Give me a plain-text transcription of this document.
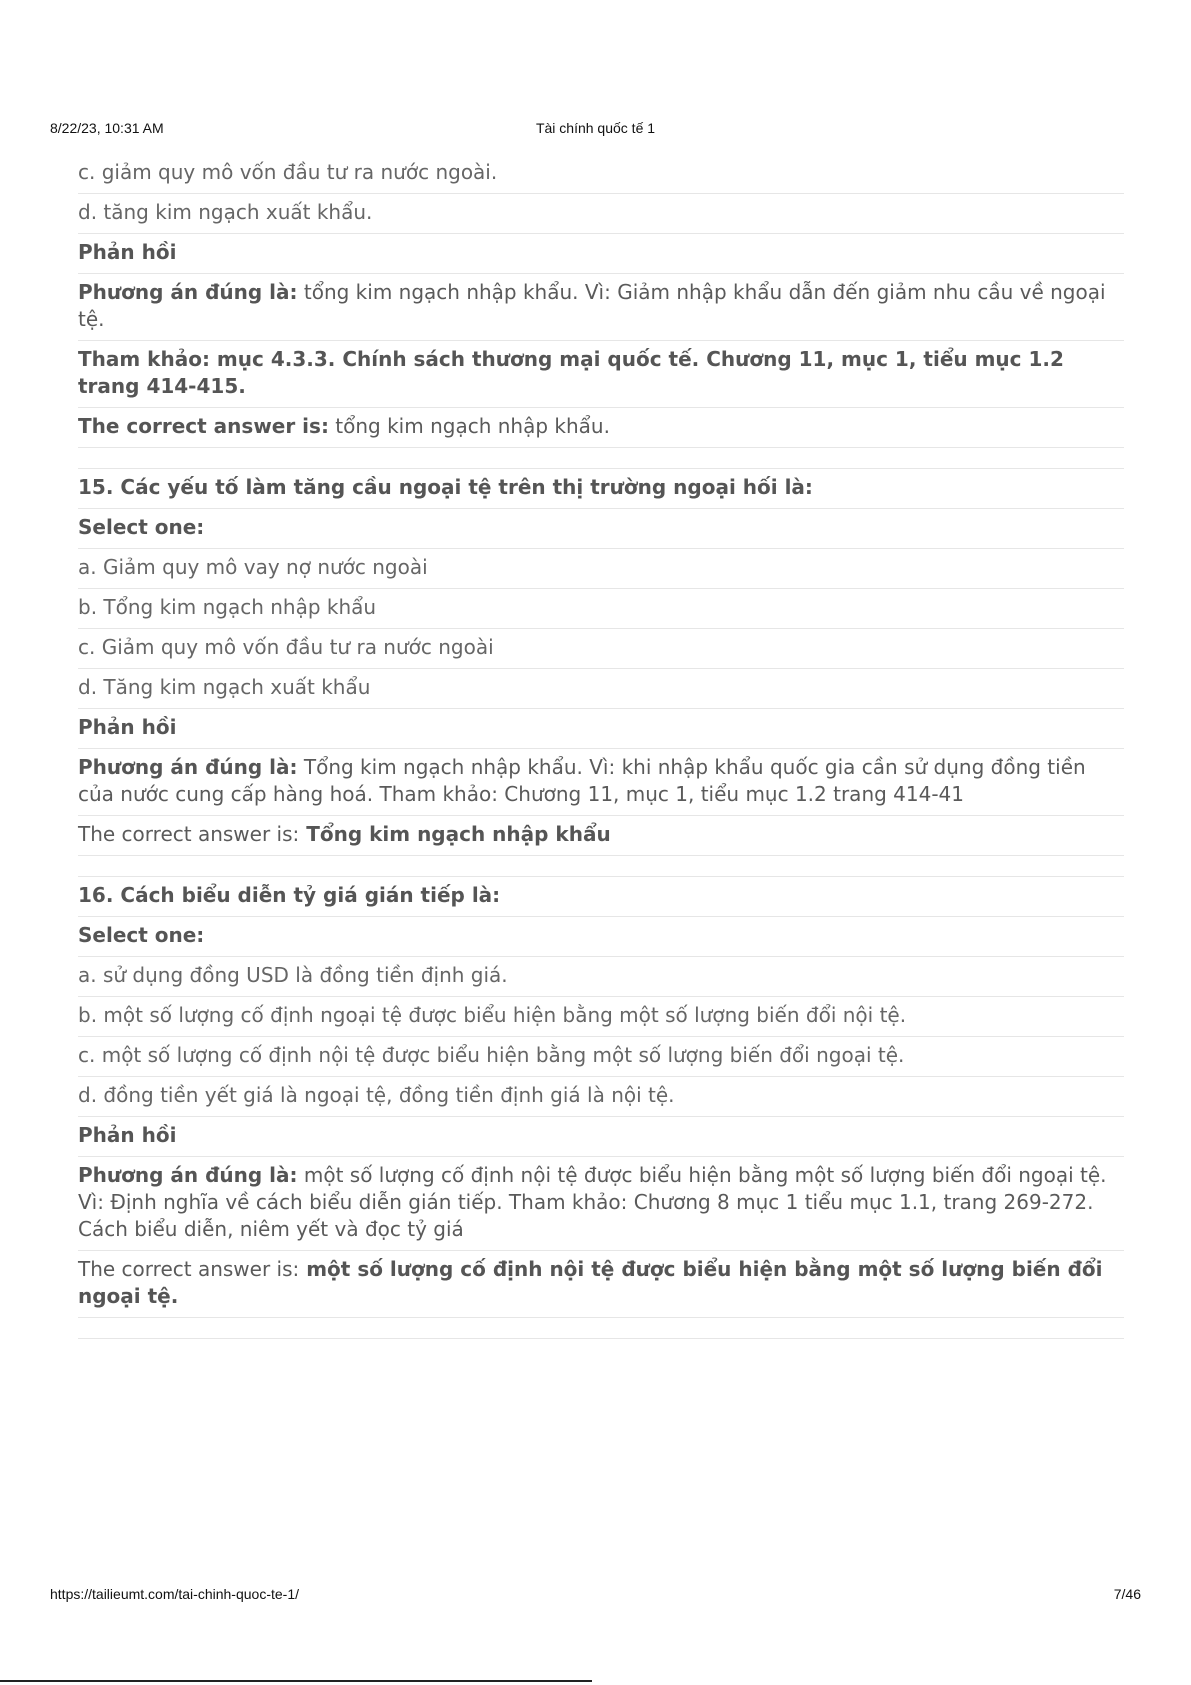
8/22/23, 10:31 AM	Tài chính quốc tế 1
c. giảm quy mô vốn đầu tư ra nước ngoài.
d. tăng kim ngạch xuất khẩu.
Phản hồi
Phương án đúng là: tổng kim ngạch nhập khẩu. Vì: Giảm nhập khẩu dẫn đến giảm nhu cầu về ngoại tệ.
Tham khảo: mục 4.3.3. Chính sách thương mại quốc tế. Chương 11, mục 1, tiểu mục 1.2 trang 414-415.
The correct answer is: tổng kim ngạch nhập khẩu.
15. Các yếu tố làm tăng cầu ngoại tệ trên thị trường ngoại hối là:
Select one:
a. Giảm quy mô vay nợ nước ngoài
b. Tổng kim ngạch nhập khẩu
c. Giảm quy mô vốn đầu tư ra nước ngoài
d. Tăng kim ngạch xuất khẩu
Phản hồi
Phương án đúng là: Tổng kim ngạch nhập khẩu. Vì: khi nhập khẩu quốc gia cần sử dụng đồng tiền của nước cung cấp hàng hoá. Tham khảo: Chương 11, mục 1, tiểu mục 1.2 trang 414-41
The correct answer is: Tổng kim ngạch nhập khẩu
16. Cách biểu diễn tỷ giá gián tiếp là:
Select one:
a. sử dụng đồng USD là đồng tiền định giá.
b. một số lượng cố định ngoại tệ được biểu hiện bằng một số lượng biến đổi nội tệ.
c. một số lượng cố định nội tệ được biểu hiện bằng một số lượng biến đổi ngoại tệ.
d. đồng tiền yết giá là ngoại tệ, đồng tiền định giá là nội tệ.
Phản hồi
Phương án đúng là: một số lượng cố định nội tệ được biểu hiện bằng một số lượng biến đổi ngoại tệ. Vì: Định nghĩa về cách biểu diễn gián tiếp. Tham khảo: Chương 8 mục 1 tiểu mục 1.1, trang 269-272. Cách biểu diễn, niêm yết và đọc tỷ giá
The correct answer is: một số lượng cố định nội tệ được biểu hiện bằng một số lượng biến đổi ngoại tệ.
https://tailieumt.com/tai-chinh-quoc-te-1/	7/46
